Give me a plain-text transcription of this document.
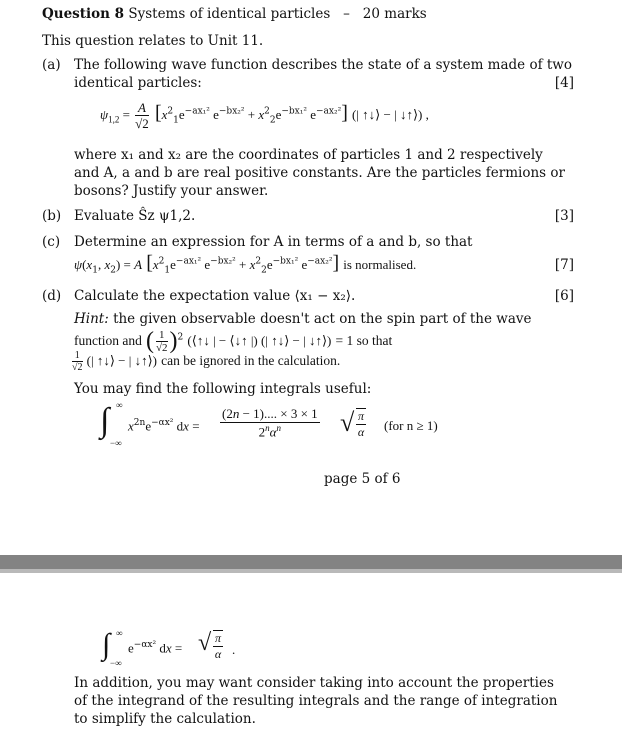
Question 8 Systems of identical particles – 20 marks
This question relates to Unit 11.
(a) The following wave function describes the state of a system made of two
identical particles:	[4]
$\psi_{1,2} = \frac{A}{√2} [x^2_1e^{-ax_1^2}$ $e^{-bx_2^2} + x^2_2e^{-bx_1^2}$ $e^{-ax_2^2}$] (| ↑↓⟩ − | ↓↑⟩) ,
where x₁ and x₂ are the coordinates of particles 1 and 2 respectively
and A, a and b are real positive constants. Are the particles fermions or
bosons? Justify your answer.
(b) Evaluate Ŝz ψ1,2.	[3]
(c) Determine an expression for A in terms of a and b, so that
$\psi(x_1$, $x_2) = A$ [$x^2_1e^{-ax_1^2}$ $e^{-bx_2^2} + x^2_2e^{-bx_1^2}$ $e^{-ax_2^2}$] is normalised.	[7]
(d) Calculate the expectation value ⟨x₁ − x₂⟩.	[6]
Hint: the given observable doesn't act on the spin part of the wave
function and ( $\frac{1}{√2} )^2$ (⟨↑↓ | − ⟨↓↑ |) (| ↑↓⟩ − | ↓↑⟩) = 1 so that
$\frac{1}{√2}$ (| ↑↓⟩ − | ↓↑⟩) can be ignored in the calculation.
You may find the following integrals useful:
∫ ∞
−∞
$x^{2n}e^{-\alpha x^2}$ dx =
(2n − 1).... × 3 × 1
$2^n\alpha^n$	√ π
α (for n ≥ 1)
page 5 of 6
∫ ∞
−∞
$e^{-\alpha x^2}$ dx = √ π
α .
In addition, you may want consider taking into account the properties
of the integrand of the resulting integrals and the range of integration
to simplify the calculation.
